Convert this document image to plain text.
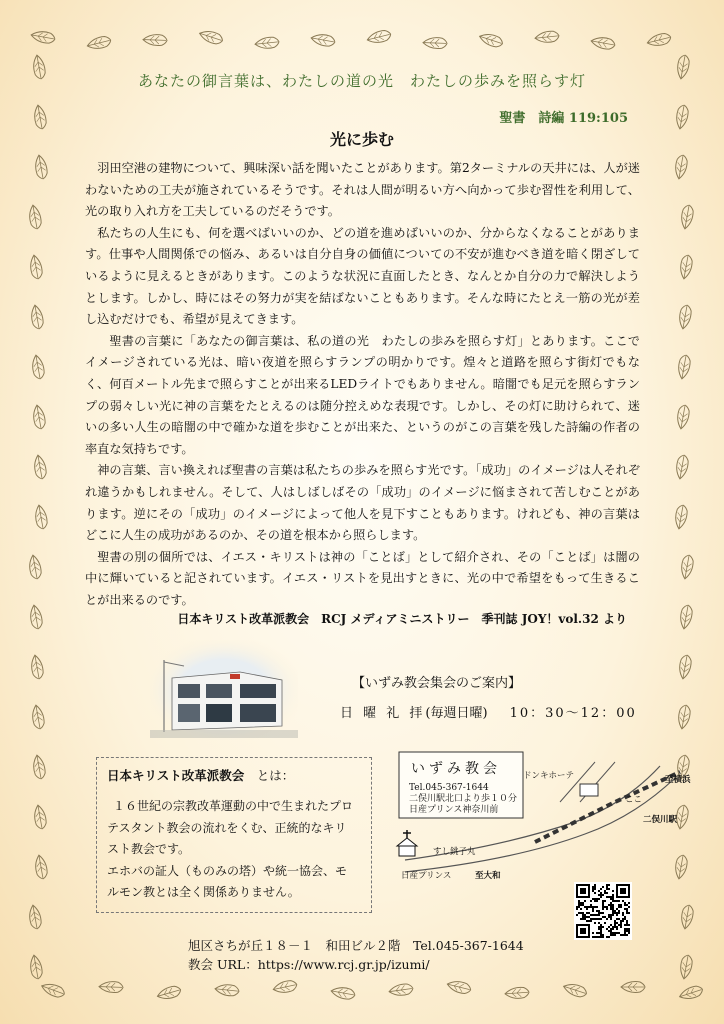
あなたの御言葉は、わたしの道の光　わたしの歩みを照らす灯
聖書　詩編 119:105
光に歩む

羽田空港の建物について、興味深い話を聞いたことがあります。第2ターミナルの天井には、人が迷わないための工夫が施されているそうです。それは人間が明るい方へ向かって歩む習性を利用して、光の取り入れ方を工夫しているのだそうです。

私たちの人生にも、何を選べばいいのか、どの道を進めばいいのか、分からなくなることがあります。仕事や人間関係での悩み、あるいは自分自身の価値についての不安が進むべき道を暗く閉ざしているように見えるときがあります。このような状況に直面したとき、なんとか自分の力で解決しようとします。しかし、時にはその努力が実を結ばないこともあります。そんな時にたとえ一筋の光が差し込むだけでも、希望が見えてきます。

聖書の言葉に「あなたの御言葉は、私の道の光　わたしの歩みを照らす灯」とあります。ここでイメージされている光は、暗い夜道を照らすランプの明かりです。煌々と道路を照らす街灯でもなく、何百メートル先まで照らすことが出来るLEDライトでもありません。暗闇でも足元を照らすランプの弱々しい光に神の言葉をたとえるのは随分控えめな表現です。しかし、その灯に助けられて、迷いの多い人生の暗闇の中で確かな道を歩むことが出来た、というのがこの言葉を残した詩編の作者の率直な気持ちです。

神の言葉、言い換えれば聖書の言葉は私たちの歩みを照らす光です。「成功」のイメージは人それぞれ違うかもしれません。そして、人はしばしばその「成功」のイメージに悩まされて苦しむことがあります。逆にその「成功」のイメージによって他人を見下すこともあります。けれども、神の言葉はどこに人生の成功があるのか、その道を根本から照らします。

聖書の別の個所では、イエス・キリストは神の「ことば」として紹介され、その「ことば」は闇の中に輝いていると記されています。イエス・リストを見出すときに、光の中で希望をもって生きることが出来るのです。

日本キリスト改革派教会　RCJ メディアミニストリー　季刊誌 JOY！vol.32 より
【いずみ教会集会のご案内】
日 曜 礼 拝(毎週日曜) 10：30～12：00
日本キリスト改革派教会　 とは：

１６世紀の宗教改革運動の中で生まれたプロ

テスタント教会の流れをくむ、正統的なキリ

スト教会です。

エホバの証人（ものみの塔）や統一協会、モ

ルモン教とは全く関係ありません。

いずみ教会
Tel.045-367-1644
二俣川駅北口より歩１０分
日産プリンス神奈川前
ドンキホーテ	至横浜
ここ
二俣川駅
すし銚子丸
日産プリンス	至大和
旭区さちが丘１８－１　和田ビル２階　Tel.045-367-1644
教会 URL：https://www.rcj.gr.jp/izumi/
